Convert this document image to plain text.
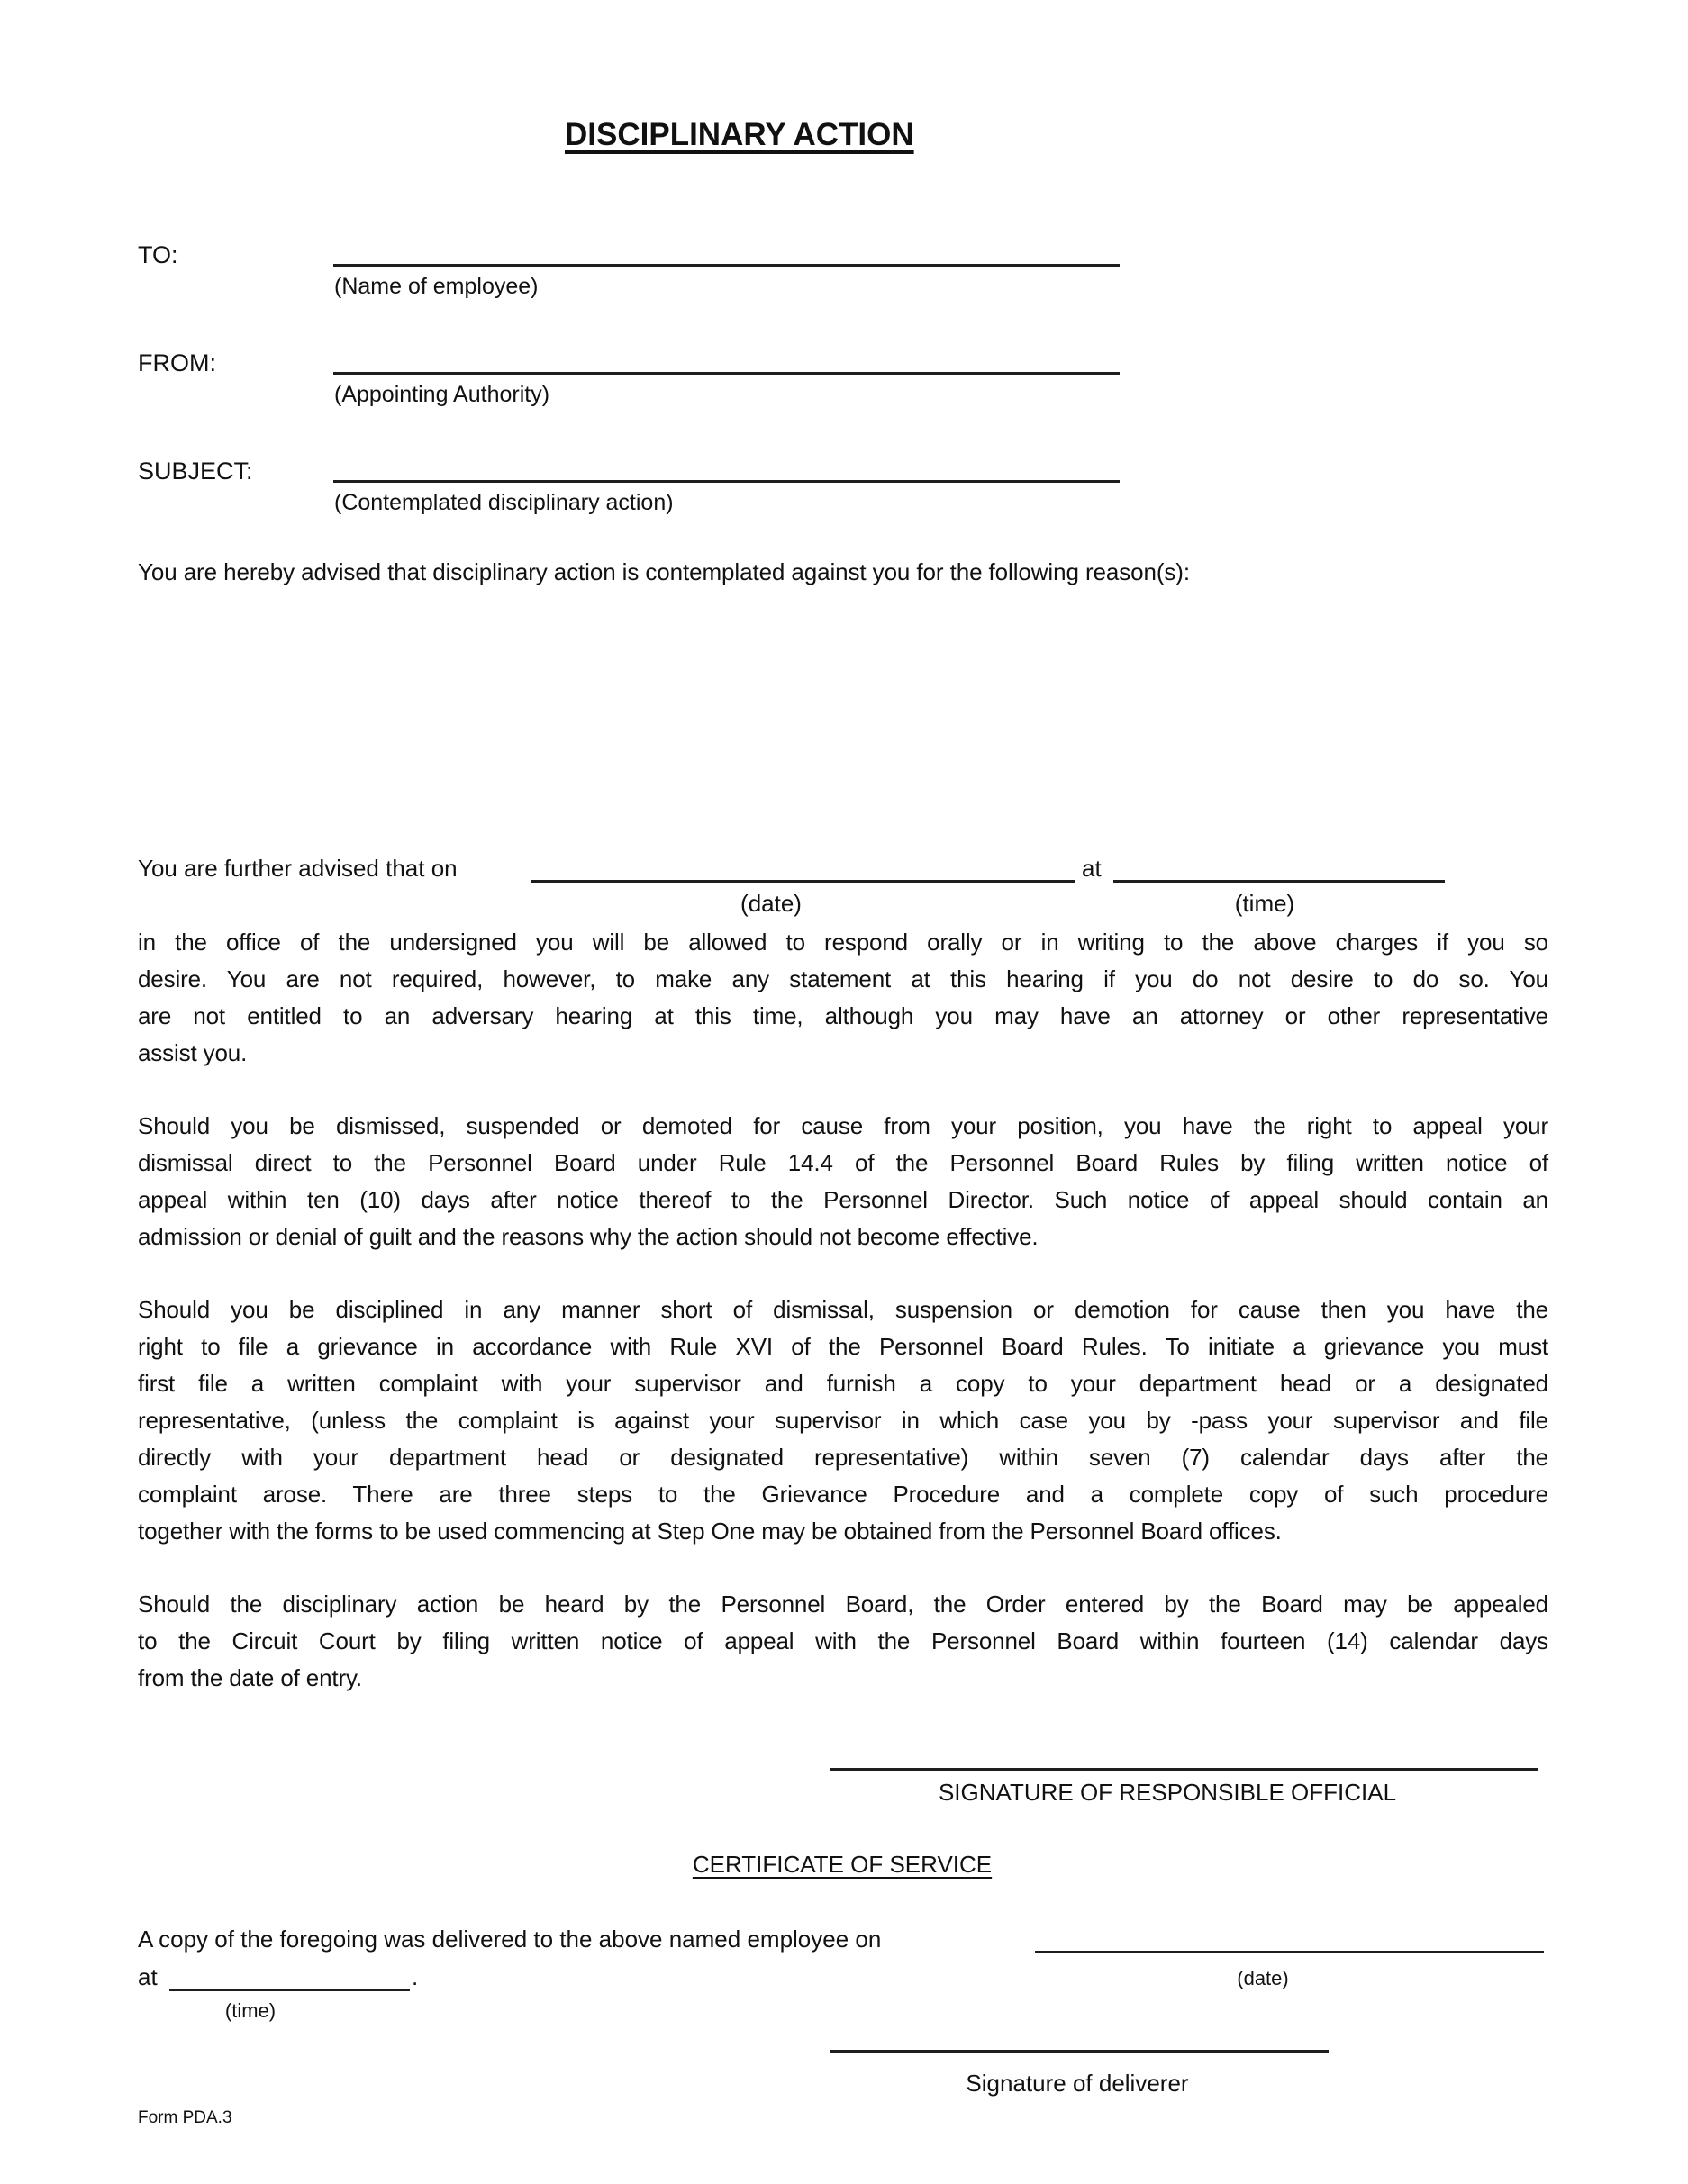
DISCIPLINARY ACTION
TO:
(Name of employee)
FROM:
(Appointing Authority)
SUBJECT:
(Contemplated disciplinary action)
You are hereby advised that disciplinary action is contemplated against you for the following reason(s):
You are further advised that on	at
(date)	(time)
in the office of the undersigned you will be allowed to respond orally or in writing to the above charges if you so
desire. You are not required, however, to make any statement at this hearing if you do not desire to do so. You
are not entitled to an adversary hearing at this time, although you may have an attorney or other representative
assist you.
Should you be dismissed, suspended or demoted for cause from your position, you have the right to appeal your
dismissal direct to the Personnel Board under Rule 14.4 of the Personnel Board Rules by filing written notice of
appeal within ten (10) days after notice thereof to the Personnel Director. Such notice of appeal should contain an
admission or denial of guilt and the reasons why the action should not become effective.
Should you be disciplined in any manner short of dismissal, suspension or demotion for cause then you have the
right to file a grievance in accordance with Rule XVI of the Personnel Board Rules. To initiate a grievance you must
first file a written complaint with your supervisor and furnish a copy to your department head or a designated
representative, (unless the complaint is against your supervisor in which case you by -pass your supervisor and file
directly with your department head or designated representative) within seven (7) calendar days after the
complaint arose. There are three steps to the Grievance Procedure and a complete copy of such procedure
together with the forms to be used commencing at Step One may be obtained from the Personnel Board offices.
Should the disciplinary action be heard by the Personnel Board, the Order entered by the Board may be appealed
to the Circuit Court by filing written notice of appeal with the Personnel Board within fourteen (14) calendar days
from the date of entry.
SIGNATURE OF RESPONSIBLE OFFICIAL
CERTIFICATE OF SERVICE
A copy of the foregoing was delivered to the above named employee on
at	.	(date)
(time)
Signature of deliverer
Form PDA.3
